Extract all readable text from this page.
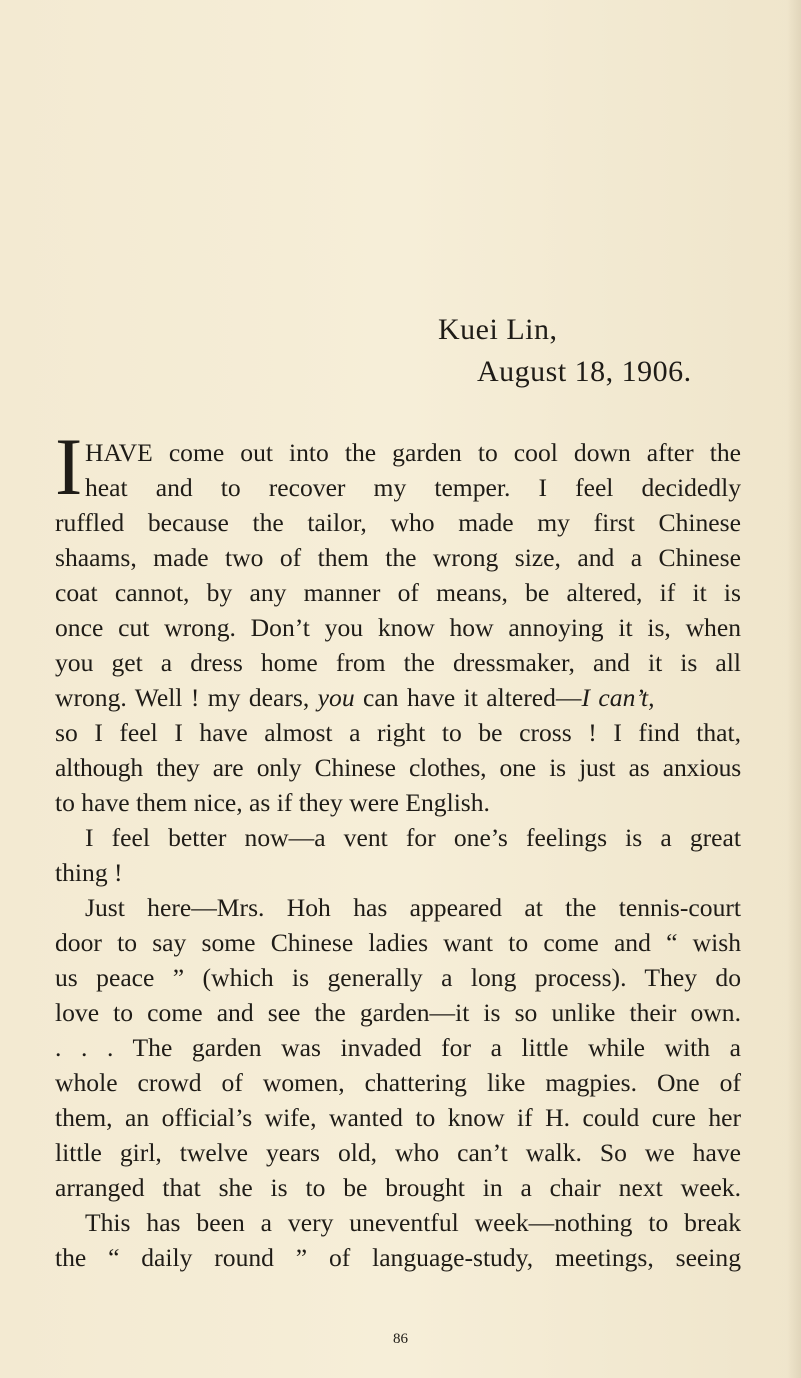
Kuei Lin,
August 18, 1906.
I HAVE come out into the garden to cool down after the
heat and to recover my temper. I feel decidedly
ruffled because the tailor, who made my first Chinese
shaams, made two of them the wrong size, and a Chinese
coat cannot, by any manner of means, be altered, if it is
once cut wrong. Don’t you know how annoying it is, when
you get a dress home from the dressmaker, and it is all
wrong. Well ! my dears, you can have it altered—I can’t,
so I feel I have almost a right to be cross ! I find that,
although they are only Chinese clothes, one is just as anxious
to have them nice, as if they were English.
I feel better now—a vent for one’s feelings is a great
thing !
Just here—Mrs. Hoh has appeared at the tennis-court
door to say some Chinese ladies want to come and “ wish
us peace ” (which is generally a long process). They do
love to come and see the garden—it is so unlike their own.
. . . The garden was invaded for a little while with a
whole crowd of women, chattering like magpies. One of
them, an official’s wife, wanted to know if H. could cure her
little girl, twelve years old, who can’t walk. So we have
arranged that she is to be brought in a chair next week.
This has been a very uneventful week—nothing to break
the “ daily round ” of language-study, meetings, seeing
86
